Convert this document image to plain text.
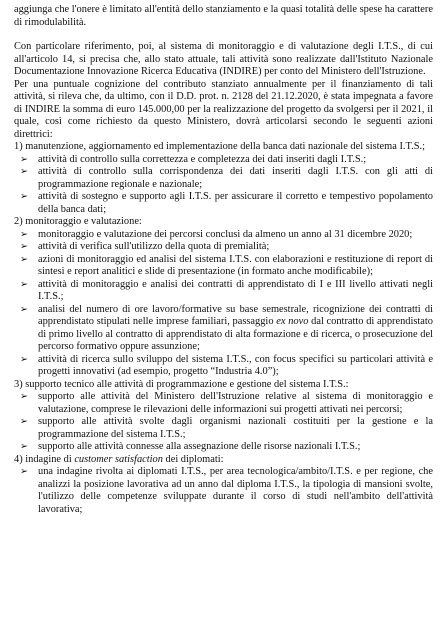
aggiunga che l'onere è limitato all'entità dello stanziamento e la quasi totalità delle spese ha carattere di rimodulabilità.

Con particolare riferimento, poi, al sistema di monitoraggio e di valutazione degli I.T.S., di cui all'articolo 14, si precisa che, allo stato attuale, tali attività sono realizzate dall'Istituto Nazionale Documentazione Innovazione Ricerca Educativa (INDIRE) per conto del Ministero dell'Istruzione.

Per una puntuale cognizione del contributo stanziato annualmente per il finanziamento di tali attività, si rileva che, da ultimo, con il D.D. prot. n. 2128 del 21.12.2020, è stata impegnata a favore di INDIRE la somma di euro 145.000,00 per la realizzazione del progetto da svolgersi per il 2021, il quale, così come richiesto da questo Ministero, dovrà articolarsi secondo le seguenti azioni direttrici:

1) manutenzione, aggiornamento ed implementazione della banca dati nazionale del sistema I.T.S.;

➢ attività di controllo sulla correttezza e completezza dei dati inseriti dagli I.T.S.;
➢ attività di controllo sulla corrispondenza dei dati inseriti dagli I.T.S. con gli atti di programmazione regionale e nazionale;
➢ attività di sostegno e supporto agli I.T.S. per assicurare il corretto e tempestivo popolamento della banca dati;

2) monitoraggio e valutazione:

➢ monitoraggio e valutazione dei percorsi conclusi da almeno un anno al 31 dicembre 2020;
➢ attività di verifica sull'utilizzo della quota di premialità;
➢ azioni di monitoraggio ed analisi del sistema I.T.S. con elaborazioni e restituzione di report di sintesi e report analitici e slide di presentazione (in formato anche modificabile);
➢ attività di monitoraggio e analisi dei contratti di apprendistato di I e III livello attivati negli I.T.S.;
➢ analisi del numero di ore lavoro/formative su base semestrale, ricognizione dei contratti di apprendistato stipulati nelle imprese familiari, passaggio ex novo dal contratto di apprendistato di primo livello al contratto di apprendistato di alta formazione e di ricerca, o prosecuzione del percorso formativo oppure assunzione;
➢ attività di ricerca sullo sviluppo del sistema I.T.S., con focus specifici su particolari attività e progetti innovativi (ad esempio, progetto “Industria 4.0”);

3) supporto tecnico alle attività di programmazione e gestione del sistema I.T.S.:

➢ supporto alle attività del Ministero dell'Istruzione relative al sistema di monitoraggio e valutazione, comprese le rilevazioni delle informazioni sui progetti attivati nei percorsi;
➢ supporto alle attività svolte dagli organismi nazionali costituiti per la gestione e la programmazione del sistema I.T.S.;
➢ supporto alle attività connesse alla assegnazione delle risorse nazionali I.T.S.;

4) indagine di customer satisfaction dei diplomati:

➢ una indagine rivolta ai diplomati I.T.S., per area tecnologica/ambito/I.T.S. e per regione, che analizzi la posizione lavorativa ad un anno dal diploma I.T.S., la tipologia di mansioni svolte, l'utilizzo delle competenze sviluppate durante il corso di studi nell'ambito dell'attività lavorativa;
